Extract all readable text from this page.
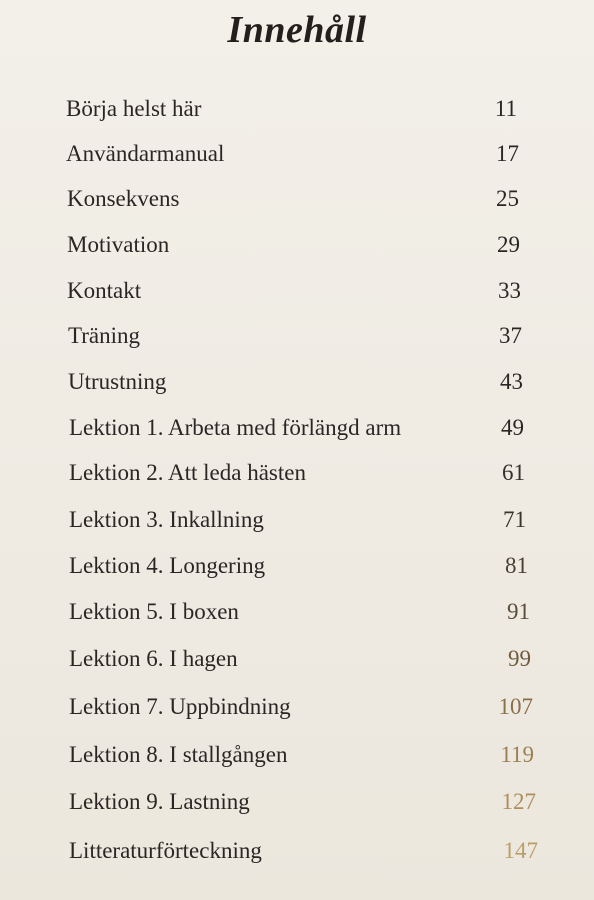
Innehåll
Börja helst här	11
Användarmanual	17
Konsekvens	25
Motivation	29
Kontakt	33
Träning	37
Utrustning	43
Lektion 1. Arbeta med förlängd arm	49
Lektion 2. Att leda hästen	61
Lektion 3. Inkallning	71
Lektion 4. Longering	81
Lektion 5. I boxen	91
Lektion 6. I hagen	99
Lektion 7. Uppbindning	107
Lektion 8. I stallgången	119
Lektion 9. Lastning	127
Litteraturförteckning	147
